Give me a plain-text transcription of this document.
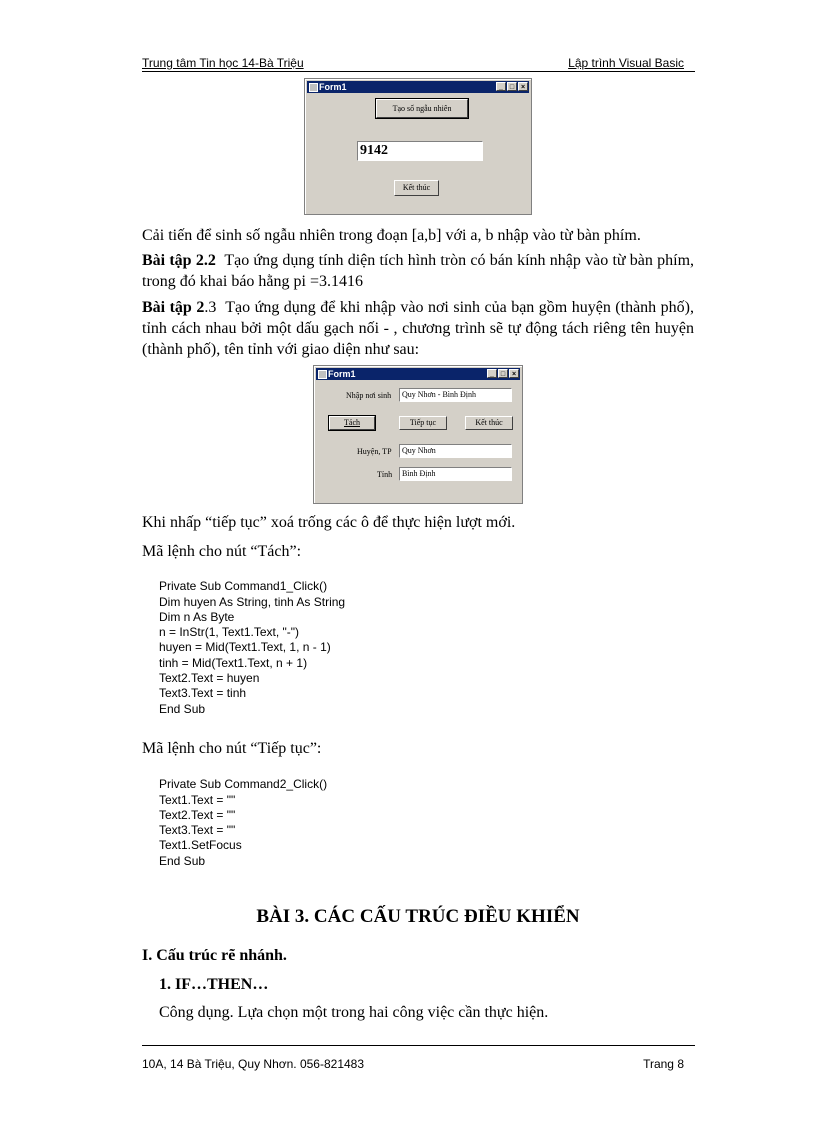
Trung tâm Tin học 14-Bà Triệu	Lập trình Visual Basic
Form1	_ □ ×
Tạo số ngẫu nhiên
9142
Kết thúc
Cải tiến để sinh số ngẫu nhiên trong đoạn [a,b] với a, b nhập vào từ bàn phím.
Bài tập 2.2 Tạo ứng dụng tính diện tích hình tròn có bán kính nhập vào từ bàn phím, trong đó khai báo hằng pi =3.1416
Bài tập 2.3 Tạo ứng dụng để khi nhập vào nơi sinh của bạn gồm huyện (thành phố), tỉnh cách nhau bởi một dấu gạch nối - , chương trình sẽ tự động tách riêng tên huyện (thành phố), tên tỉnh với giao diện như sau:
Form1	_ □ ×
Nhập nơi sinh	Quy Nhơn - Bình Định
Tách	Tiếp tục	Kết thúc
Huyện, TP	Quy Nhơn
Tỉnh	Bình Định
Khi nhấp “tiếp tục” xoá trống các ô để thực hiện lượt mới.
Mã lệnh cho nút “Tách”:

Private Sub Command1_Click()
Dim huyen As String, tinh As String
Dim n As Byte
n = InStr(1, Text1.Text, "-")
huyen = Mid(Text1.Text, 1, n - 1)
tinh = Mid(Text1.Text, n + 1)
Text2.Text = huyen
Text3.Text = tinh
End Sub

Mã lệnh cho nút “Tiếp tục”:

Private Sub Command2_Click()
Text1.Text = ""
Text2.Text = ""
Text3.Text = ""
Text1.SetFocus
End Sub

BÀI 3. CÁC CẤU TRÚC ĐIỀU KHIỂN
I. Cấu trúc rẽ nhánh.
1. IF…THEN…
Công dụng. Lựa chọn một trong hai công việc cần thực hiện.
10A, 14 Bà Triệu, Quy Nhơn. 056-821483	Trang 8
